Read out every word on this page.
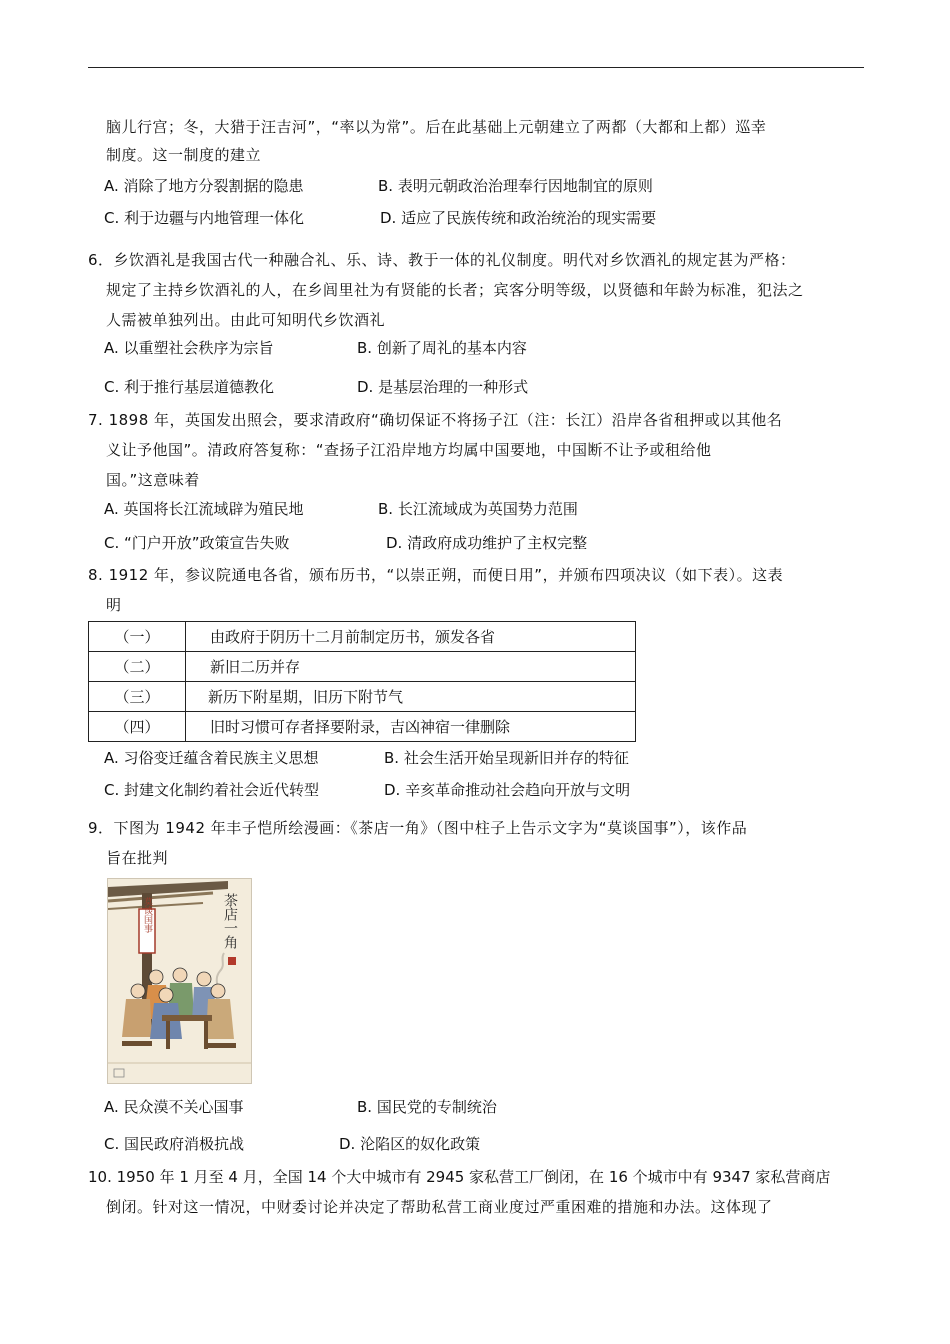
脑儿行宫；冬，大猎于汪吉河”，“率以为常”。后在此基础上元朝建立了两都（大都和上都）巡幸
制度。这一制度的建立
A. 消除了地方分裂割据的隐患	B. 表明元朝政治治理奉行因地制宜的原则
C. 利于边疆与内地管理一体化	D. 适应了民族传统和政治统治的现实需要
6．乡饮酒礼是我国古代一种融合礼、乐、诗、教于一体的礼仪制度。明代对乡饮酒礼的规定甚为严格：
规定了主持乡饮酒礼的人，在乡闾里社为有贤能的长者；宾客分明等级，以贤德和年龄为标准，犯法之
人需被单独列出。由此可知明代乡饮酒礼
A. 以重塑社会秩序为宗旨	B. 创新了周礼的基本内容
C. 利于推行基层道德教化	D. 是基层治理的一种形式
7. 1898 年，英国发出照会，要求清政府“确切保证不将扬子江（注：长江）沿岸各省租押或以其他名
义让予他国”。清政府答复称：“查扬子江沿岸地方均属中国要地，中国断不让予或租给他
国。”这意味着
A. 英国将长江流域辟为殖民地	B. 长江流域成为英国势力范围
C. “门户开放”政策宣告失败	D. 清政府成功维护了主权完整
8. 1912 年，参议院通电各省，颁布历书，“以崇正朔，而便日用”，并颁布四项决议（如下表）。这表
明
（一）	由政府于阴历十二月前制定历书，颁发各省
（二）	新旧二历并存
（三）	新历下附星期，旧历下附节气
（四）	旧时习惯可存者择要附录，吉凶神宿一律删除
A. 习俗变迁蕴含着民族主义思想	B. 社会生活开始呈现新旧并存的特征
C. 封建文化制约着社会近代转型	D. 辛亥革命推动社会趋向开放与文明
9．下图为 1942 年丰子恺所绘漫画：《茶店一角》（图中柱子上告示文字为“莫谈国事”），该作品
旨在批判
莫谈国事	茶店一角
A. 民众漠不关心国事	B. 国民党的专制统治
C. 国民政府消极抗战	D. 沦陷区的奴化政策
10. 1950 年 1 月至 4 月，全国 14 个大中城市有 2945 家私营工厂倒闭，在 16 个城市中有 9347 家私营商店
倒闭。针对这一情况，中财委讨论并决定了帮助私营工商业度过严重困难的措施和办法。这体现了
